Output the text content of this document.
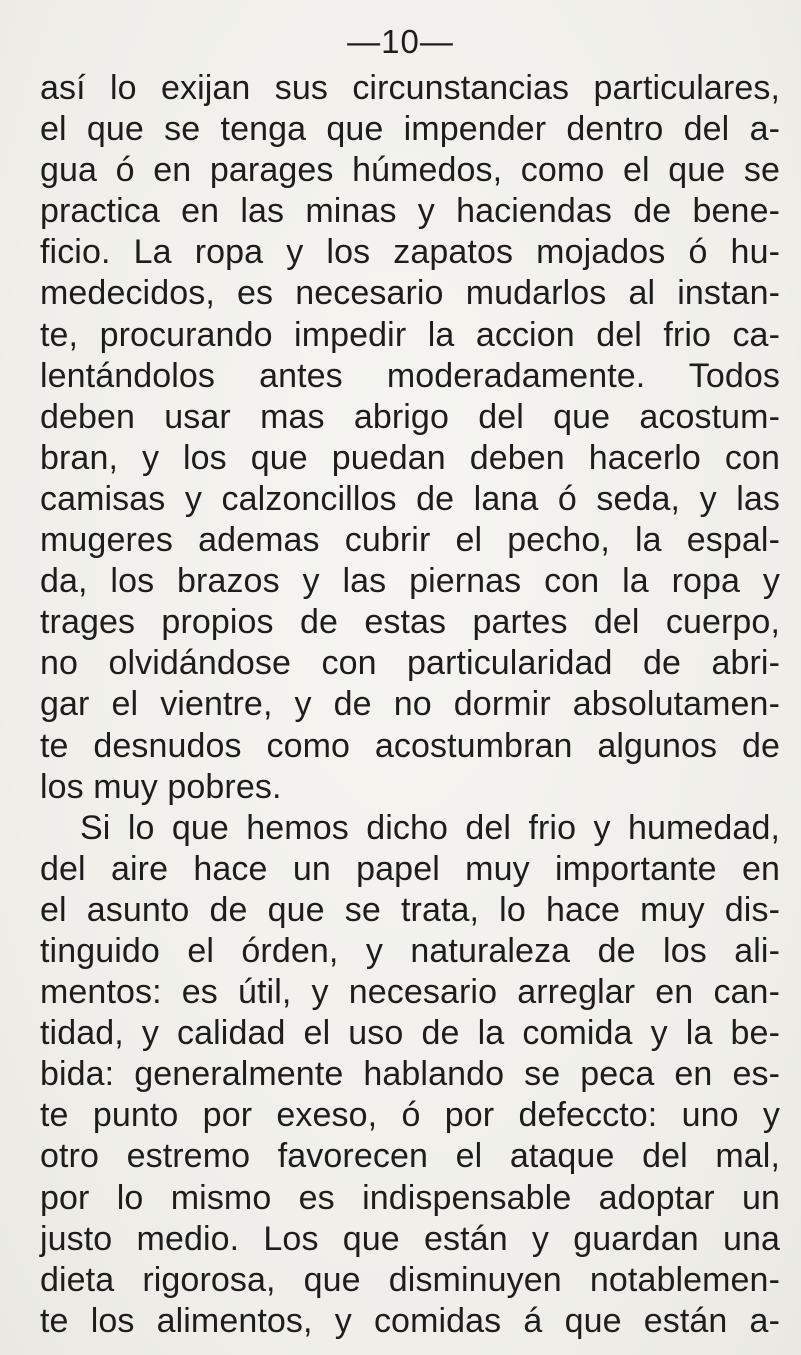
—10—
así lo exijan sus circunstancias particulares,
el que se tenga que impender dentro del a-
gua ó en parages húmedos, como el que se
practica en las minas y haciendas de bene-
ficio. La ropa y los zapatos mojados ó hu-
medecidos, es necesario mudarlos al instan-
te, procurando impedir la accion del frio ca-
lentándolos antes moderadamente. Todos
deben usar mas abrigo del que acostum-
bran, y los que puedan deben hacerlo con
camisas y calzoncillos de lana ó seda, y las
mugeres ademas cubrir el pecho, la espal-
da, los brazos y las piernas con la ropa y
trages propios de estas partes del cuerpo,
no olvidándose con particularidad de abri-
gar el vientre, y de no dormir absolutamen-
te desnudos como acostumbran algunos de
los muy pobres.
Si lo que hemos dicho del frio y humedad,
del aire hace un papel muy importante en
el asunto de que se trata, lo hace muy dis-
tinguido el órden, y naturaleza de los ali-
mentos: es útil, y necesario arreglar en can-
tidad, y calidad el uso de la comida y la be-
bida: generalmente hablando se peca en es-
te punto por exeso, ó por defeccto: uno y
otro estremo favorecen el ataque del mal,
por lo mismo es indispensable adoptar un
justo medio. Los que están y guardan una
dieta rigorosa, que disminuyen notablemen-
te los alimentos, y comidas á que están a-
